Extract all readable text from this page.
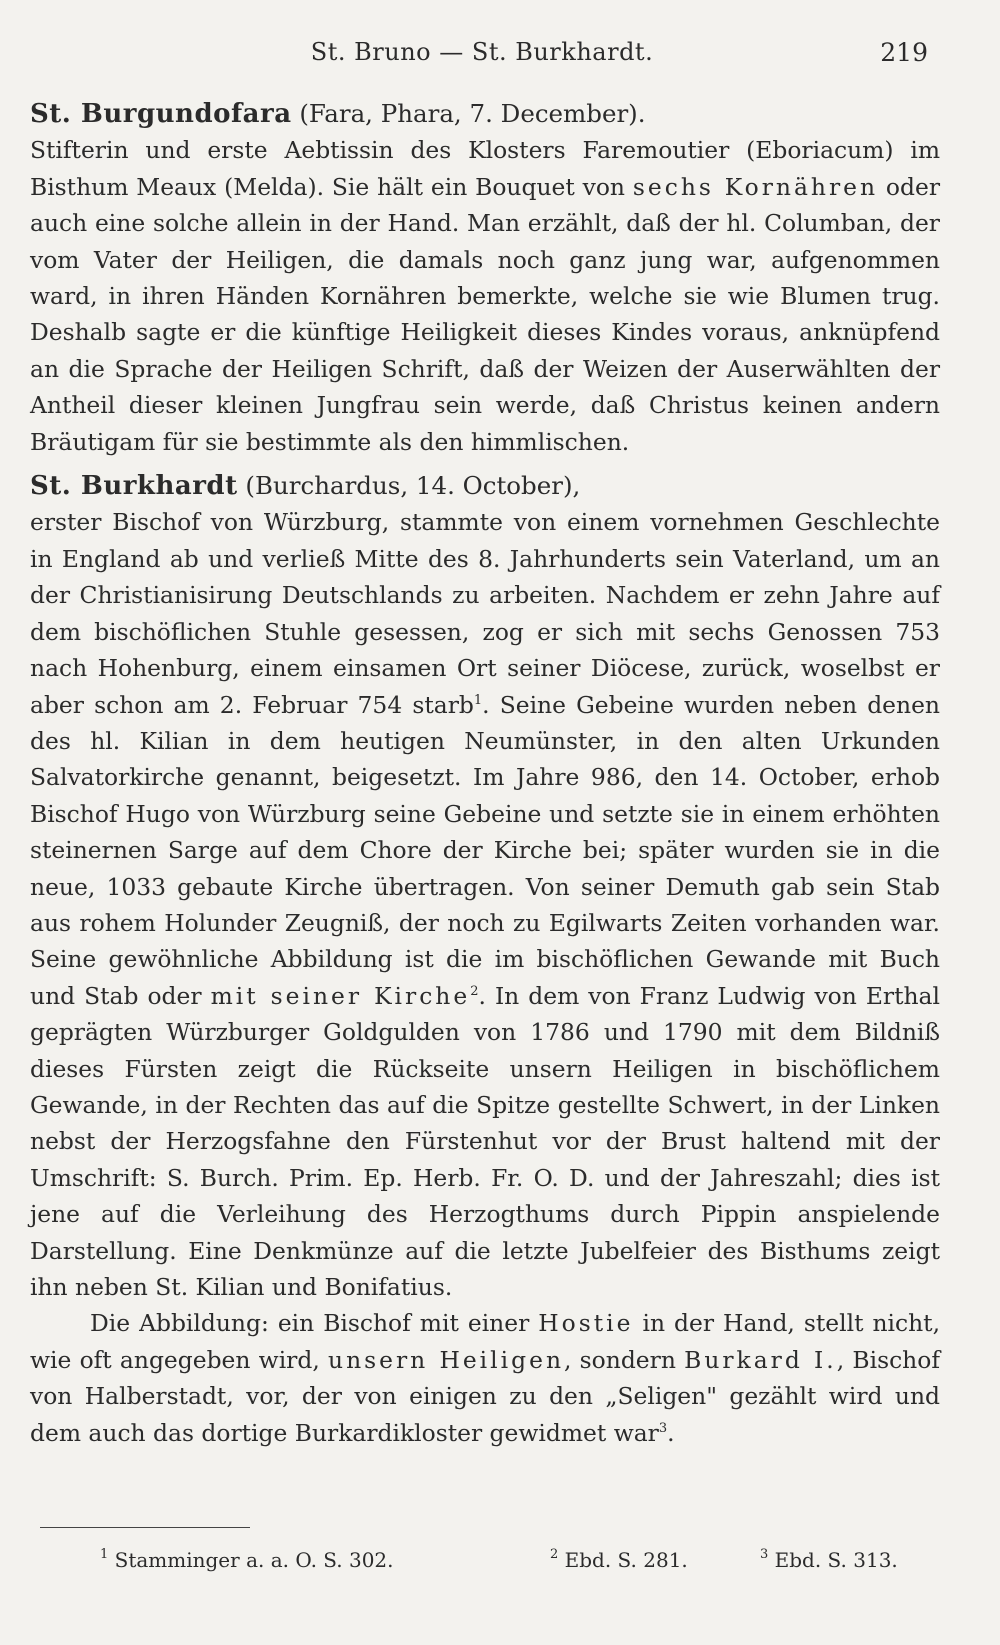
St. Bruno — St. Burkhardt.	219

St. Burgundofara (Fara, Phara, 7. December).

Stifterin und erste Aebtissin des Klosters Faremoutier (Eboriacum) im Bisthum Meaux (Melda). Sie hält ein Bouquet von sechs Kornähren oder auch eine solche allein in der Hand. Man erzählt, daß der hl. Columban, der vom Vater der Heiligen, die damals noch ganz jung war, aufgenommen ward, in ihren Händen Kornähren bemerkte, welche sie wie Blumen trug. Deshalb sagte er die künftige Heiligkeit dieses Kindes voraus, anknüpfend an die Sprache der Heiligen Schrift, daß der Weizen der Auserwählten der Antheil dieser kleinen Jungfrau sein werde, daß Christus keinen andern Bräutigam für sie bestimmte als den himmlischen.

St. Burkhardt (Burchardus, 14. October),

erster Bischof von Würzburg, stammte von einem vornehmen Geschlechte in England ab und verließ Mitte des 8. Jahrhunderts sein Vaterland, um an der Christianisirung Deutschlands zu arbeiten. Nachdem er zehn Jahre auf dem bischöflichen Stuhle gesessen, zog er sich mit sechs Genossen 753 nach Hohenburg, einem einsamen Ort seiner Diöcese, zurück, woselbst er aber schon am 2. Februar 754 starb$^1$. Seine Gebeine wurden neben denen des hl. Kilian in dem heutigen Neumünster, in den alten Urkunden Salvatorkirche genannt, beigesetzt. Im Jahre 986, den 14. October, erhob Bischof Hugo von Würzburg seine Gebeine und setzte sie in einem erhöhten steinernen Sarge auf dem Chore der Kirche bei; später wurden sie in die neue, 1033 gebaute Kirche übertragen. Von seiner Demuth gab sein Stab aus rohem Holunder Zeugniß, der noch zu Egilwarts Zeiten vorhanden war. Seine gewöhnliche Abbildung ist die im bischöflichen Gewande mit Buch und Stab oder mit seiner Kirche$^2$. In dem von Franz Ludwig von Erthal geprägten Würzburger Goldgulden von 1786 und 1790 mit dem Bildniß dieses Fürsten zeigt die Rückseite unsern Heiligen in bischöflichem Gewande, in der Rechten das auf die Spitze gestellte Schwert, in der Linken nebst der Herzogsfahne den Fürstenhut vor der Brust haltend mit der Umschrift: S. Burch. Prim. Ep. Herb. Fr. O. D. und der Jahreszahl; dies ist jene auf die Verleihung des Herzogthums durch Pippin anspielende Darstellung. Eine Denkmünze auf die letzte Jubelfeier des Bisthums zeigt ihn neben St. Kilian und Bonifatius.

Die Abbildung: ein Bischof mit einer Hostie in der Hand, stellt nicht, wie oft angegeben wird, unsern Heiligen, sondern Burkard I., Bischof von Halberstadt, vor, der von einigen zu den „Seligen" gezählt wird und dem auch das dortige Burkardikloster gewidmet war$^3$.

$^1$ Stamminger a. a. O. S. 302.	$^2$ Ebd. S. 281.	$^3$ Ebd. S. 313.
